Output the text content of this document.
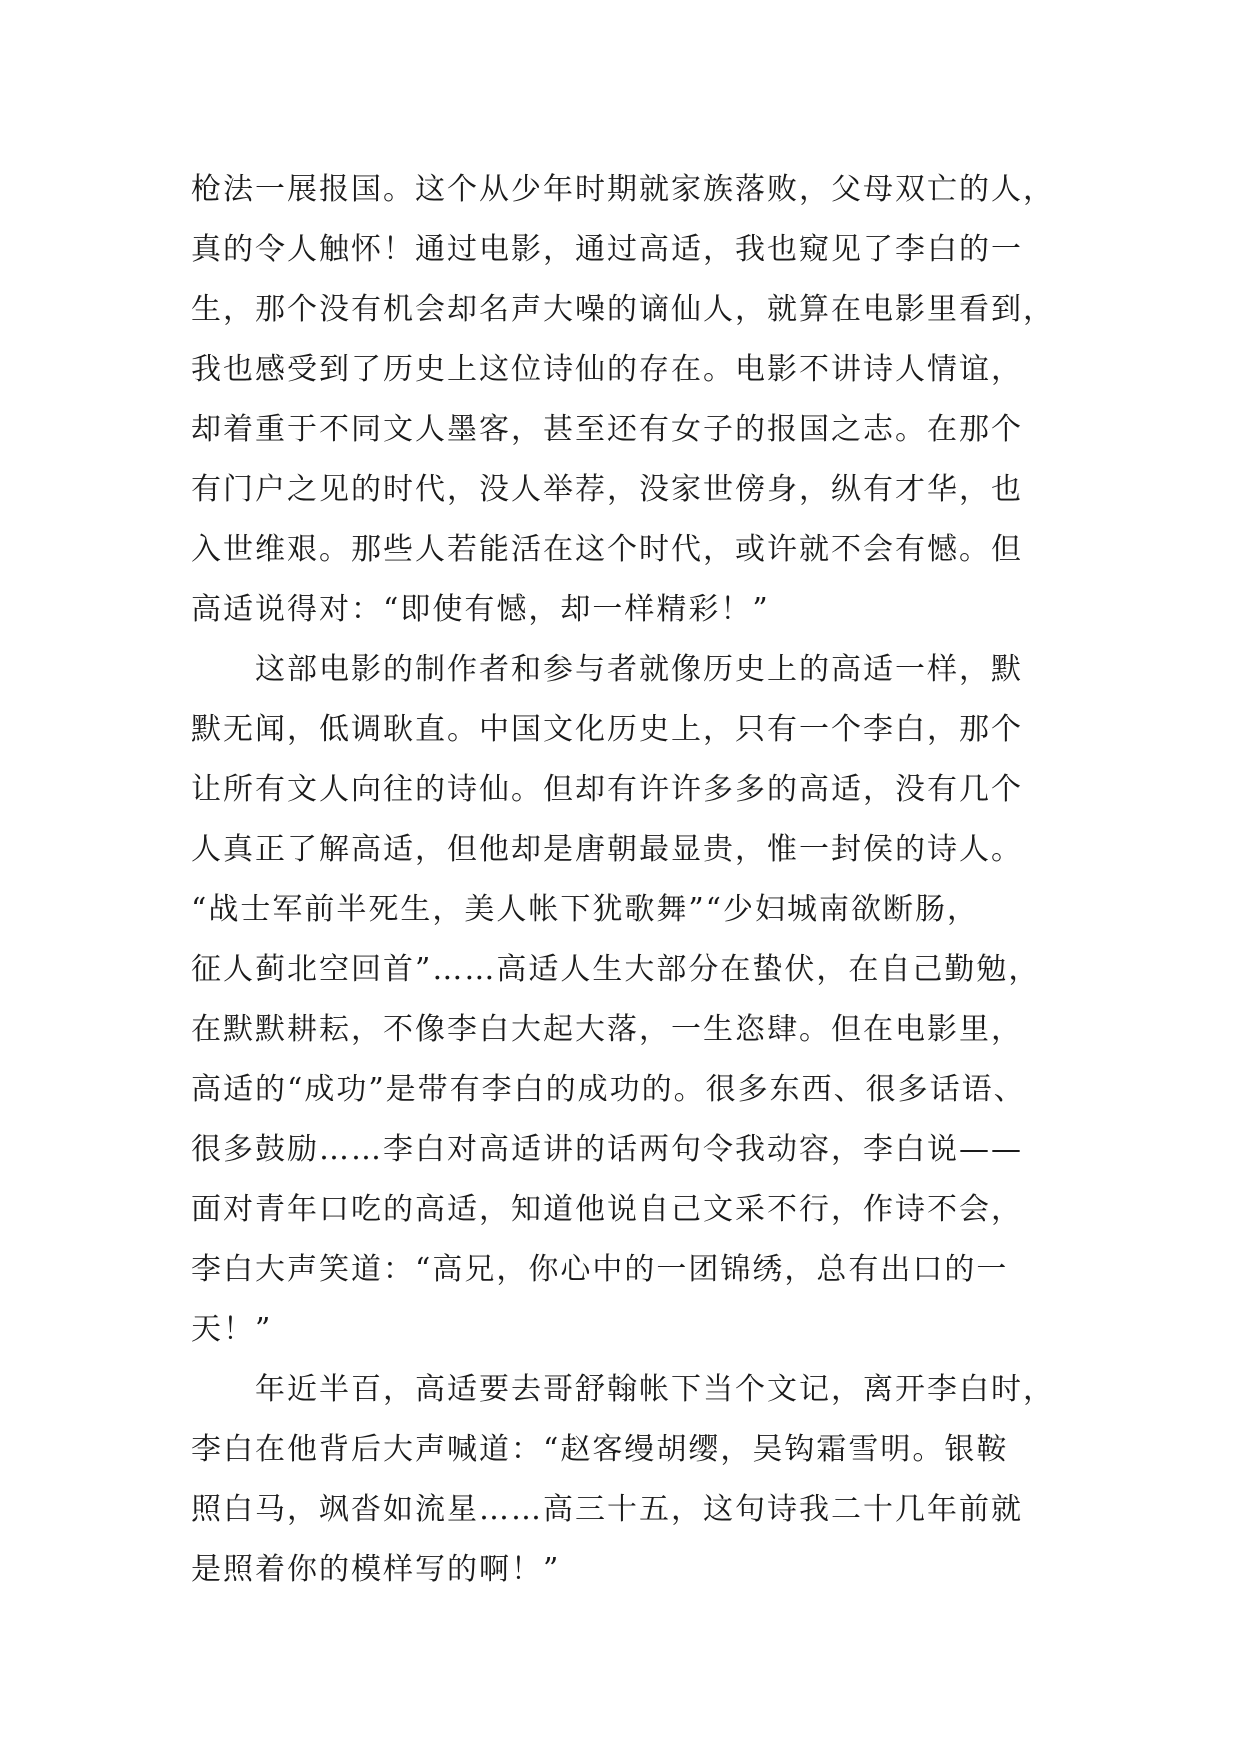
枪法一展报国。这个从少年时期就家族落败，父母双亡的人，
真的令人触怀！通过电影，通过高适，我也窥见了李白的一
生，那个没有机会却名声大噪的谪仙人，就算在电影里看到，
我也感受到了历史上这位诗仙的存在。电影不讲诗人情谊，
却着重于不同文人墨客，甚至还有女子的报国之志。在那个
有门户之见的时代，没人举荐，没家世傍身，纵有才华，也
入世维艰。那些人若能活在这个时代，或许就不会有憾。但
高适说得对：“即使有憾，却一样精彩！”
这部电影的制作者和参与者就像历史上的高适一样，默
默无闻，低调耿直。中国文化历史上，只有一个李白，那个
让所有文人向往的诗仙。但却有许许多多的高适，没有几个
人真正了解高适，但他却是唐朝最显贵，惟一封侯的诗人。
“战士军前半死生，美人帐下犹歌舞”“少妇城南欲断肠，
征人蓟北空回首”……高适人生大部分在蛰伏，在自己勤勉，
在默默耕耘，不像李白大起大落，一生恣肆。但在电影里，
高适的“成功”是带有李白的成功的。很多东西、很多话语、
很多鼓励……李白对高适讲的话两句令我动容，李白说——
面对青年口吃的高适，知道他说自己文采不行，作诗不会，
李白大声笑道：“高兄，你心中的一团锦绣，总有出口的一
天！”
年近半百，高适要去哥舒翰帐下当个文记，离开李白时，
李白在他背后大声喊道：“赵客缦胡缨，吴钩霜雪明。银鞍
照白马，飒沓如流星……高三十五，这句诗我二十几年前就
是照着你的模样写的啊！”
